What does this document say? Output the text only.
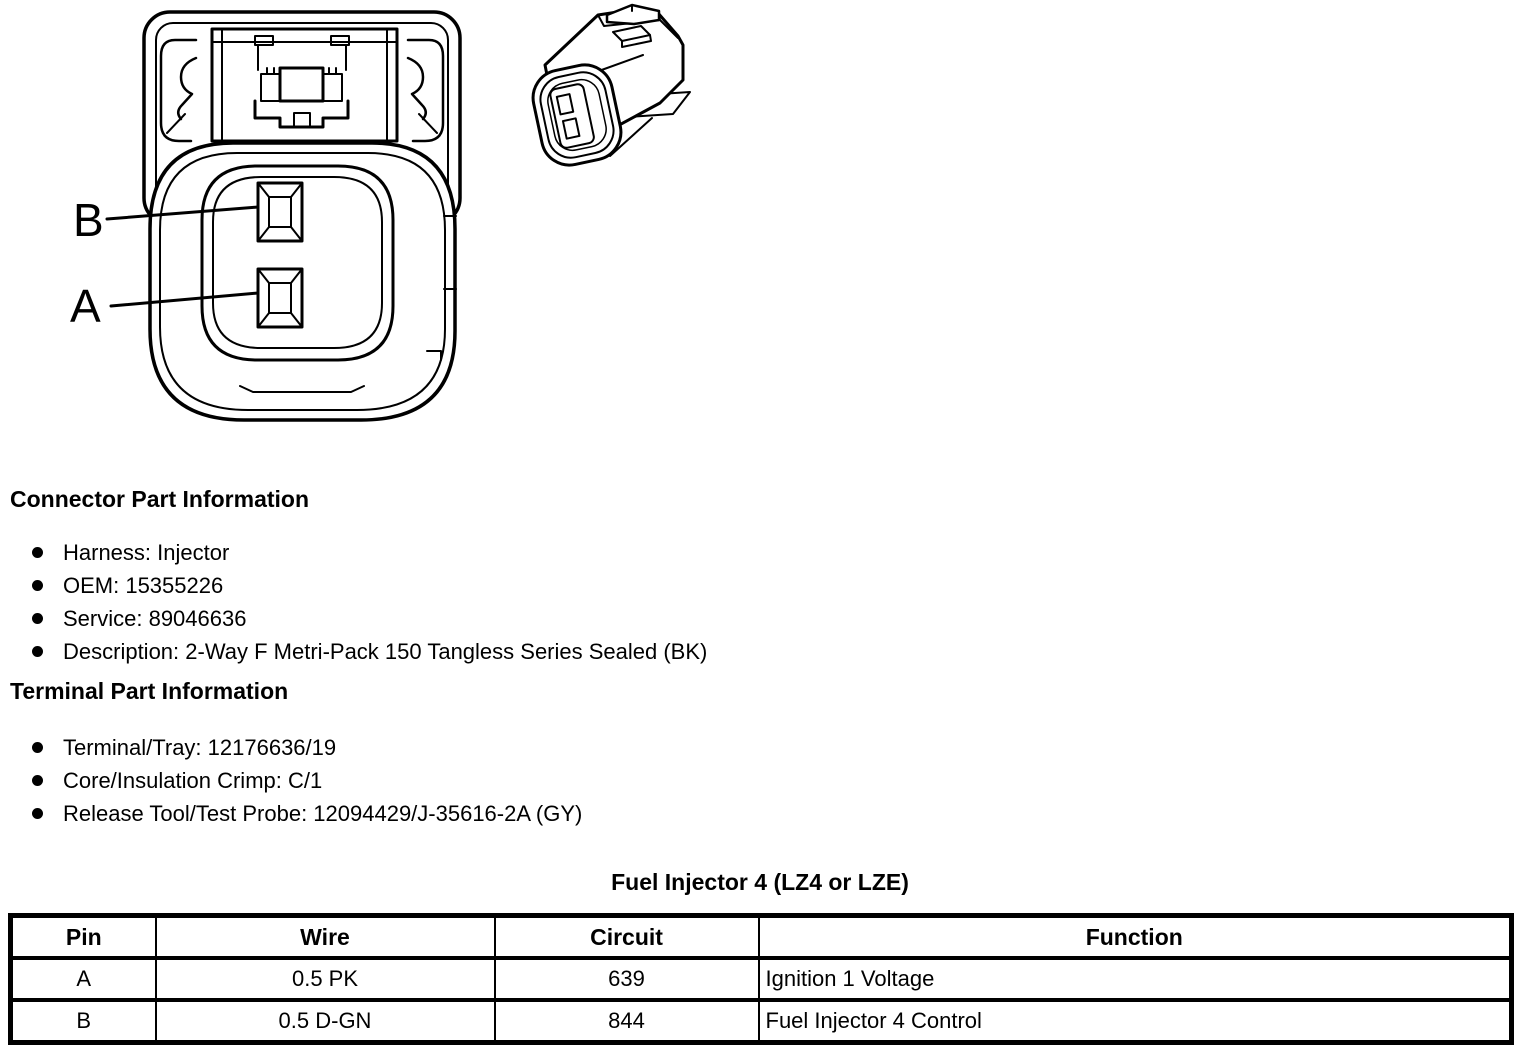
B
A
Connector Part Information
Harness: Injector
OEM: 15355226
Service: 89046636
Description: 2-Way F Metri-Pack 150 Tangless Series Sealed (BK)
Terminal Part Information
Terminal/Tray: 12176636/19
Core/Insulation Crimp: C/1
Release Tool/Test Probe: 12094429/J-35616-2A (GY)
Fuel Injector 4 (LZ4 or LZE)
Pin	Wire	Circuit	Function
A	0.5 PK	639	Ignition 1 Voltage
B	0.5 D-GN	844	Fuel Injector 4 Control
